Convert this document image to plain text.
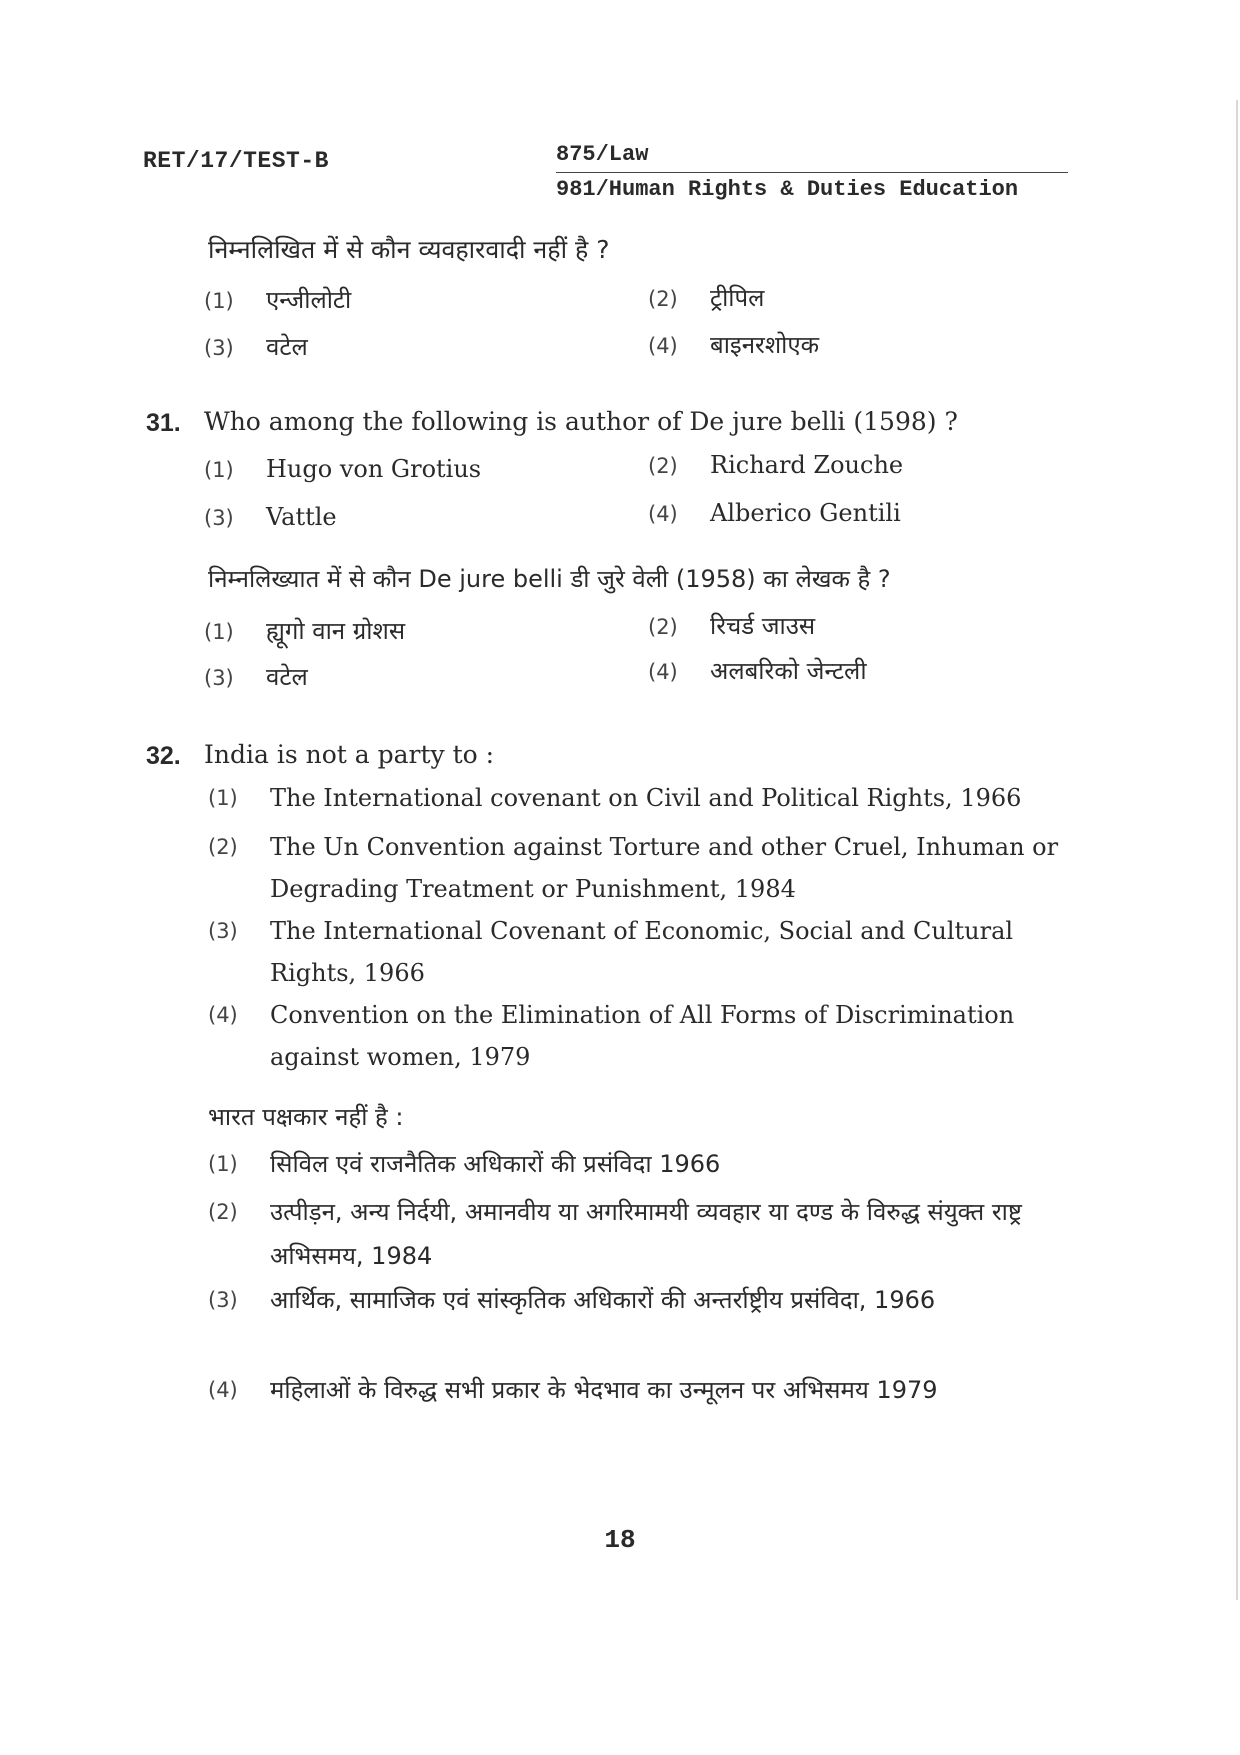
RET/17/TEST-B	875/Law
981/Human Rights & Duties Education
निम्नलिखित में से कौन व्यवहारवादी नहीं है ?
(1) एन्जीलोटी	(2) ट्रीपिल
(3) वटेल	(4) बाइनरशोएक
31. Who among the following is author of De jure belli (1598) ?
(1) Hugo von Grotius	(2) Richard Zouche
(3) Vattle	(4) Alberico Gentili
निम्नलिख्यात में से कौन De jure belli डी जुरे वेली (1958) का लेखक है ?
(1) ह्यूगो वान ग्रोशस	(2) रिचर्ड जाउस
(3) वटेल	(4) अलबरिको जेन्टली
32. India is not a party to :
(1) The International covenant on Civil and Political Rights, 1966
(2) The Un Convention against Torture and other Cruel, Inhuman or Degrading Treatment or Punishment, 1984
(3) The International Covenant of Economic, Social and Cultural Rights, 1966
(4) Convention on the Elimination of All Forms of Discrimination against women, 1979
भारत पक्षकार नहीं है :
(1) सिविल एवं राजनैतिक अधिकारों की प्रसंविदा 1966
(2) उत्पीड़न, अन्य निर्दयी, अमानवीय या अगरिमामयी व्यवहार या दण्ड के विरुद्ध संयुक्त राष्ट्र अभिसमय, 1984
(3) आर्थिक, सामाजिक एवं सांस्कृतिक अधिकारों की अन्तर्राष्ट्रीय प्रसंविदा, 1966
(4) महिलाओं के विरुद्ध सभी प्रकार के भेदभाव का उन्मूलन पर अभिसमय 1979
18
